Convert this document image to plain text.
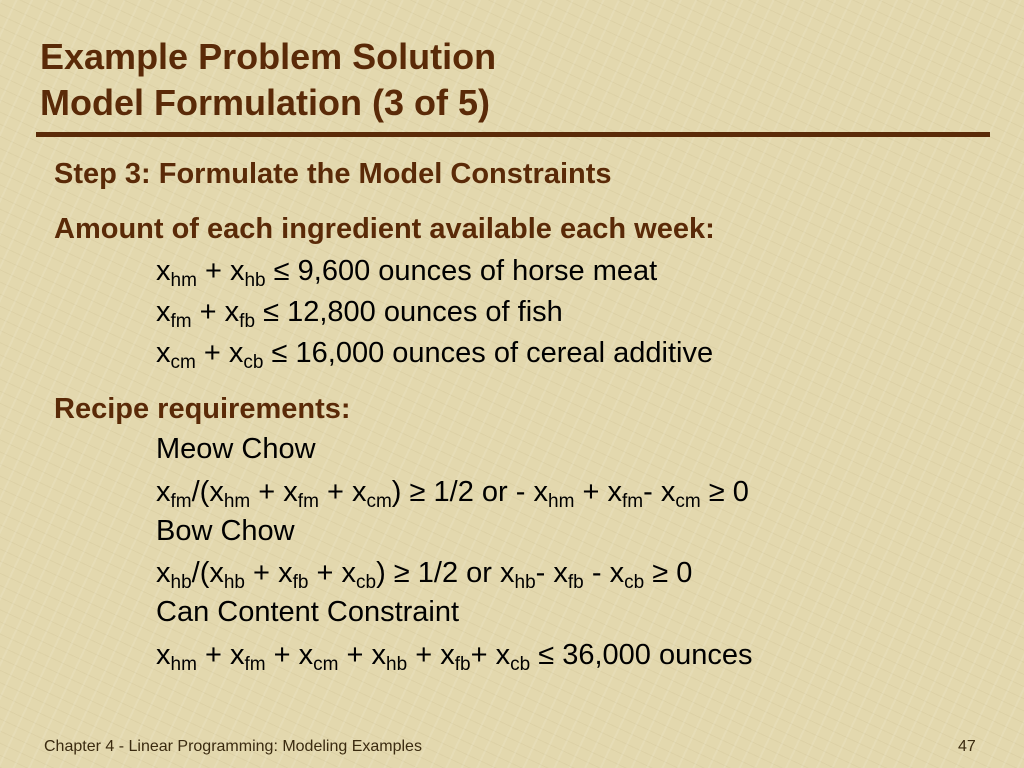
Example Problem Solution
Model Formulation (3 of 5)

Step 3: Formulate the Model Constraints

Amount of each ingredient available each week:

$x_{hm} + x_{hb} \le 9,600$ ounces of horse meat

$x_{fm} + x_{fb} \le 12,800$ ounces of fish

$x_{cm} + x_{cb} \le 16,000$ ounces of cereal additive

Recipe requirements:

Meow Chow

$x_{fm}/(x_{hm} + x_{fm} + x_{cm}) \ge 1/2$ or - $x_{hm} + x_{fm}-$ $x_{cm} \ge 0$

Bow Chow

$x_{hb}/(x_{hb} + x_{fb} + x_{cb}) \ge 1/2$ or $x_{hb}-$ $x_{fb} - x_{cb} \ge 0$

Can Content Constraint

$x_{hm} + x_{fm} + x_{cm} + x_{hb} + x_{fb}+ x_{cb} \le 36,000$ ounces

Chapter 4 - Linear Programming: Modeling Examples	47
